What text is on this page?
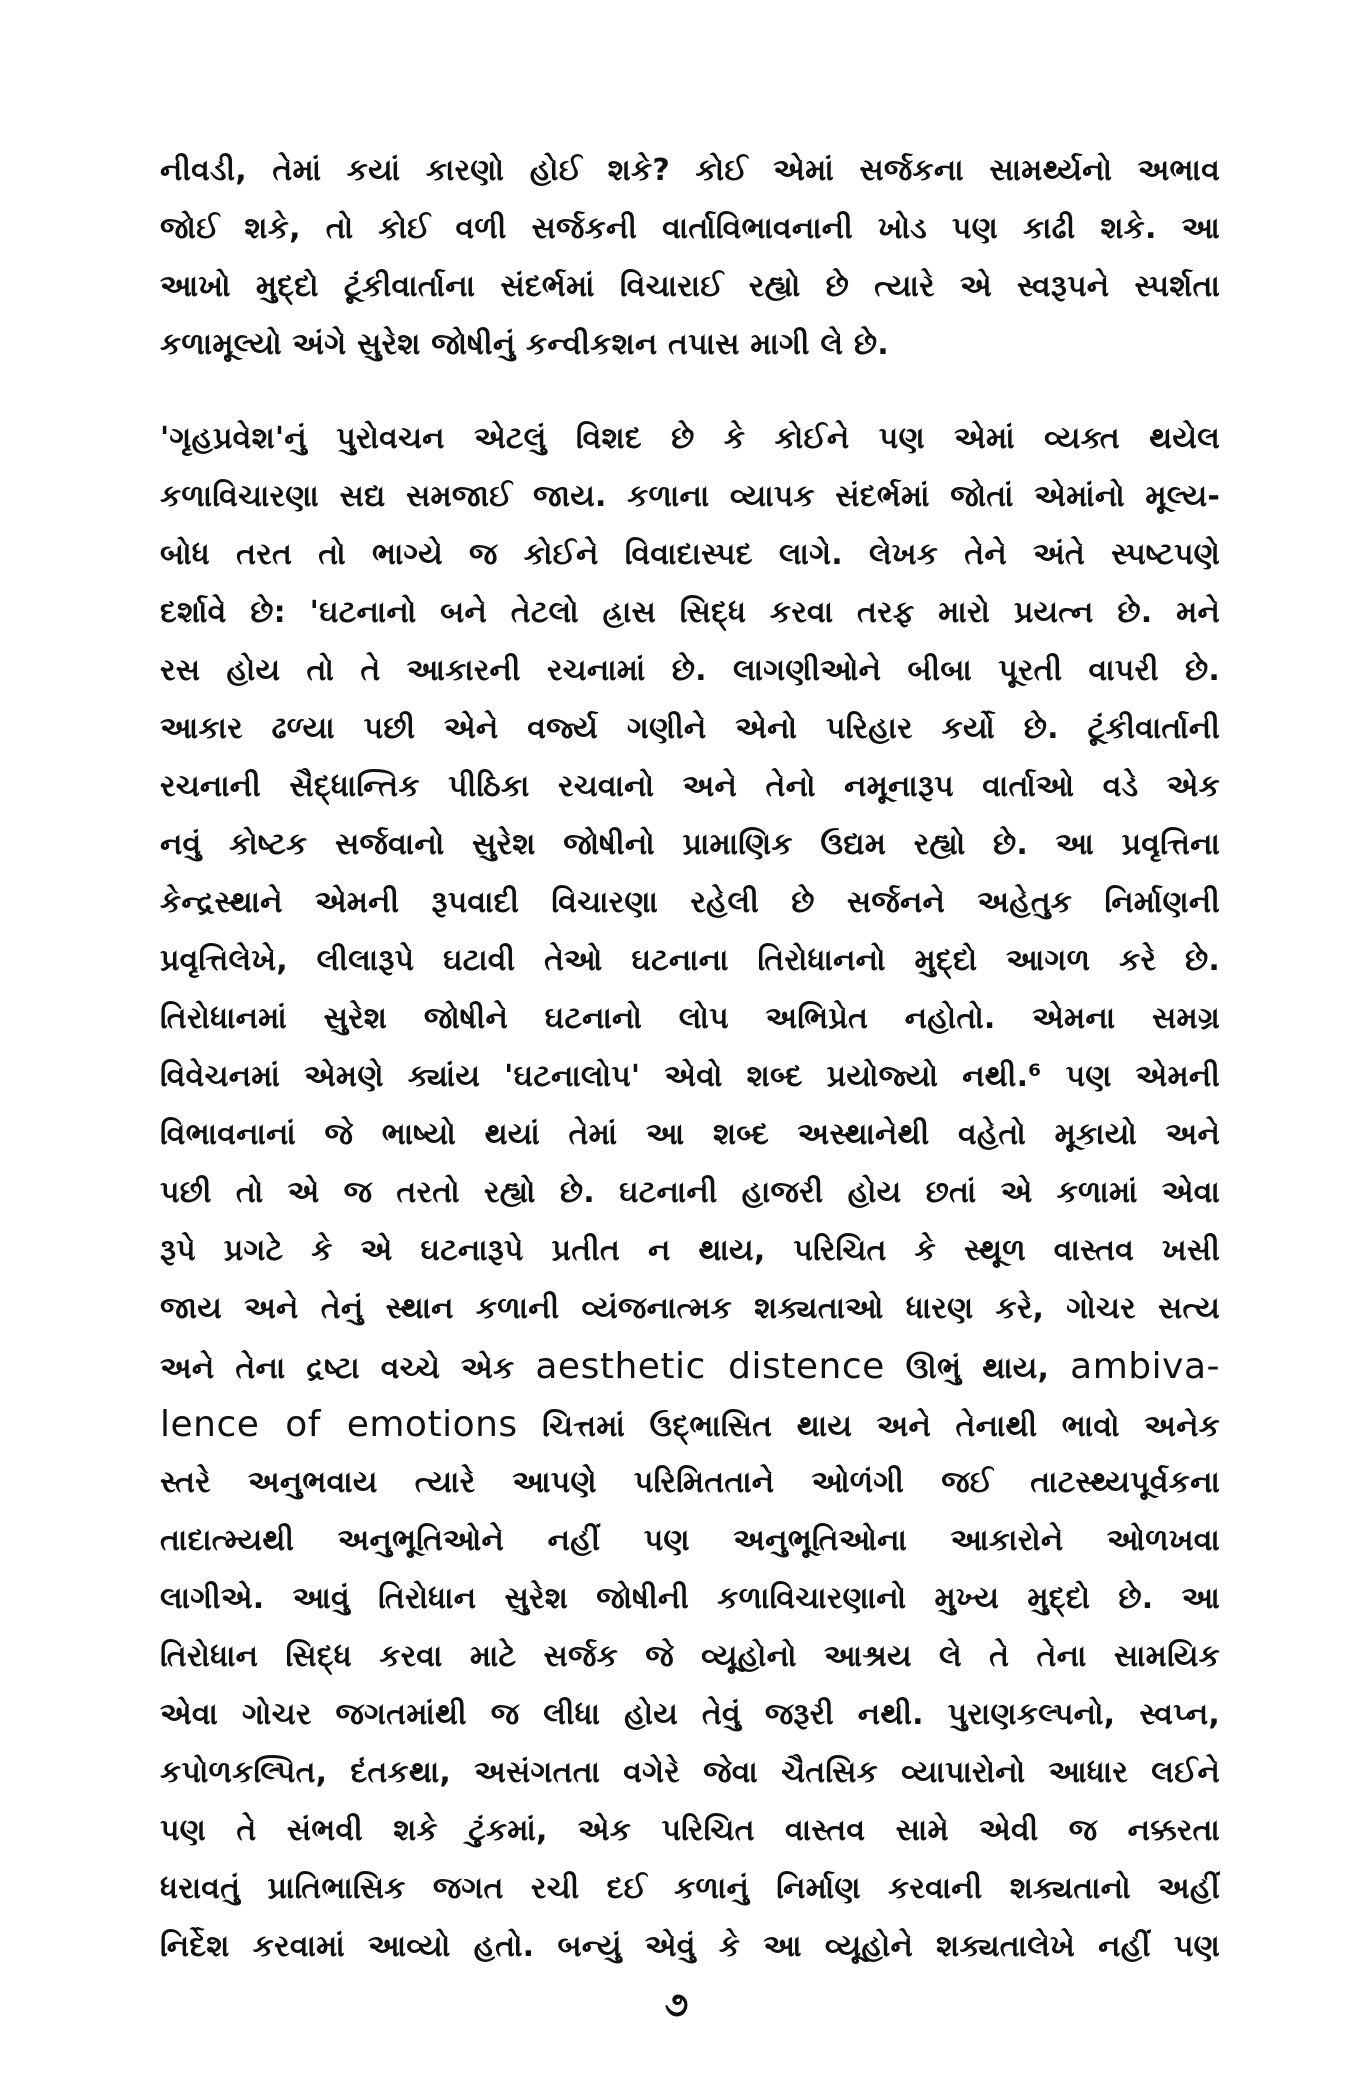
નીવડી, તેમાં કયાં કારણો હોઈ શકે? કોઈ એમાં સર્જકના સામર્થ્યનો અભાવ
જોઈ શકે, તો કોઈ વળી સર્જકની વાર્તાવિભાવનાની ખોડ પણ કાઢી શકે. આ
આખો મુદ્દો ટૂંકીવાર્તાના સંદર્ભમાં વિચારાઈ રહ્યો છે ત્યારે એ સ્વરૂપને સ્પર્શતા
કળામૂલ્યો અંગે સુરેશ જોષીનું કન્વીકશન તપાસ માગી લે છે.
'ગૃહપ્રવેશ'નું પુરોવચન એટલું વિશદ છે કે કોઈને પણ એમાં વ્યક્ત થયેલ
કળાવિચારણા સદ્ય સમજાઈ જાય. કળાના વ્યાપક સંદર્ભમાં જોતાં એમાંનો મૂલ્ય-
બોધ તરત તો ભાગ્યે જ કોઈને વિવાદાસ્પદ લાગે. લેખક તેને અંતે સ્પષ્ટપણે
દર્શાવે છે: 'ઘટનાનો બને તેટલો હ્રાસ સિદ્ધ કરવા તરફ મારો પ્રયત્ન છે. મને
રસ હોય તો તે આકારની રચનામાં છે. લાગણીઓને બીબા પૂરતી વાપરી છે.
આકાર ઢળ્યા પછી એને વર્જ્ય ગણીને એનો પરિહાર કર્યો છે. ટૂંકીવાર્તાની
રચનાની સૈદ્ધાન્તિક પીઠિકા રચવાનો અને તેનો નમૂનારૂપ વાર્તાઓ વડે એક
નવું કોષ્ટક સર્જવાનો સુરેશ જોષીનો પ્રામાણિક ઉદ્યમ રહ્યો છે. આ પ્રવૃત્તિના
કેન્દ્રસ્થાને એમની રૂપવાદી વિચારણા રહેલી છે સર્જનને અહેતુક નિર્માણની
પ્રવૃત્તિલેખે, લીલારૂપે ઘટાવી તેઓ ઘટનાના તિરોધાનનો મુદ્દો આગળ કરે છે.
તિરોધાનમાં સુરેશ જોષીને ઘટનાનો લોપ અભિપ્રેત નહોતો. એમના સમગ્ર
વિવેચનમાં એમણે ક્યાંય 'ઘટનાલોપ' એવો શબ્દ પ્રયોજ્યો નથી.⁶ પણ એમની
વિભાવનાનાં જે ભાષ્યો થયાં તેમાં આ શબ્દ અસ્થાનેથી વહેતો મૂકાયો અને
પછી તો એ જ તરતો રહ્યો છે. ઘટનાની હાજરી હોય છતાં એ કળામાં એવા
રૂપે પ્રગટે કે એ ઘટનારૂપે પ્રતીત ન થાય, પરિચિત કે સ્થૂળ વાસ્તવ ખસી
જાય અને તેનું સ્થાન કળાની વ્યંજનાત્મક શક્યતાઓ ધારણ કરે, ગોચર સત્ય
અને તેના દ્રષ્ટા વચ્ચે એક aesthetic distence ઊભું થાય, ambiva-
lence of emotions ચિત્તમાં ઉદ્ભાસિત થાય અને તેનાથી ભાવો અનેક
સ્તરે અનુભવાય ત્યારે આપણે પરિમિતતાને ઓળંગી જઈ તાટસ્થ્યપૂર્વકના
તાદાત્મ્યથી અનુભૂતિઓને નહીં પણ અનુભૂતિઓના આકારોને ઓળખવા
લાગીએ. આવું તિરોધાન સુરેશ જોષીની કળાવિચારણાનો મુખ્ય મુદ્દો છે. આ
તિરોધાન સિદ્ધ કરવા માટે સર્જક જે વ્યૂહોનો આશ્રય લે તે તેના સામયિક
એવા ગોચર જગતમાંથી જ લીધા હોય તેવું જરૂરી નથી. પુરાણકલ્પનો, સ્વપ્ન,
કપોળકલ્પિત, દંતકથા, અસંગતતા વગેરે જેવા ચૈતસિક વ્યાપારોનો આધાર લઈને
પણ તે સંભવી શકે ટુંકમાં, એક પરિચિત વાસ્તવ સામે એવી જ નક્કરતા
ધરાવતું પ્રાતિભાસિક જગત રચી દઈ કળાનું નિર્માણ કરવાની શક્યતાનો અહીં
નિર્દેશ કરવામાં આવ્યો હતો. બન્યું એવું કે આ વ્યૂહોને શક્યતાલેખે નહીં પણ
૭
